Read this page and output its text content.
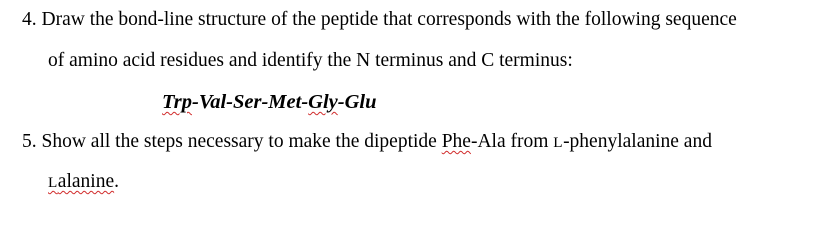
4. Draw the bond-line structure of the peptide that corresponds with the following sequence
of amino acid residues and identify the N terminus and C terminus:
Trp-Val-Ser-Met-Gly-Glu
5. Show all the steps necessary to make the dipeptide Phe-Ala from L-phenylalanine and
Lalanine.
